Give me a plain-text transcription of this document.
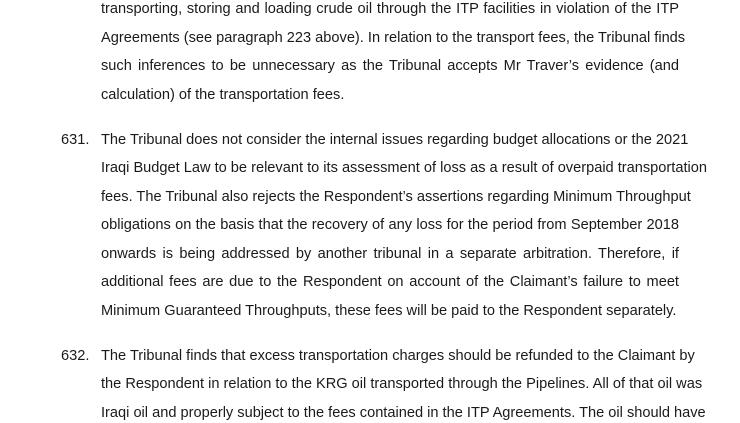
transporting, storing and loading crude oil through the ITP facilities in violation of the ITP

Agreements (see paragraph 223 above). In relation to the transport fees, the Tribunal finds

such inferences to be unnecessary as the Tribunal accepts Mr Traver’s evidence (and

calculation) of the transportation fees.

631. The Tribunal does not consider the internal issues regarding budget allocations or the 2021

Iraqi Budget Law to be relevant to its assessment of loss as a result of overpaid transportation

fees. The Tribunal also rejects the Respondent’s assertions regarding Minimum Throughput

obligations on the basis that the recovery of any loss for the period from September 2018

onwards is being addressed by another tribunal in a separate arbitration. Therefore, if

additional fees are due to the Respondent on account of the Claimant’s failure to meet

Minimum Guaranteed Throughputs, these fees will be paid to the Respondent separately.

632. The Tribunal finds that excess transportation charges should be refunded to the Claimant by

the Respondent in relation to the KRG oil transported through the Pipelines. All of that oil was

Iraqi oil and properly subject to the fees contained in the ITP Agreements. The oil should have
